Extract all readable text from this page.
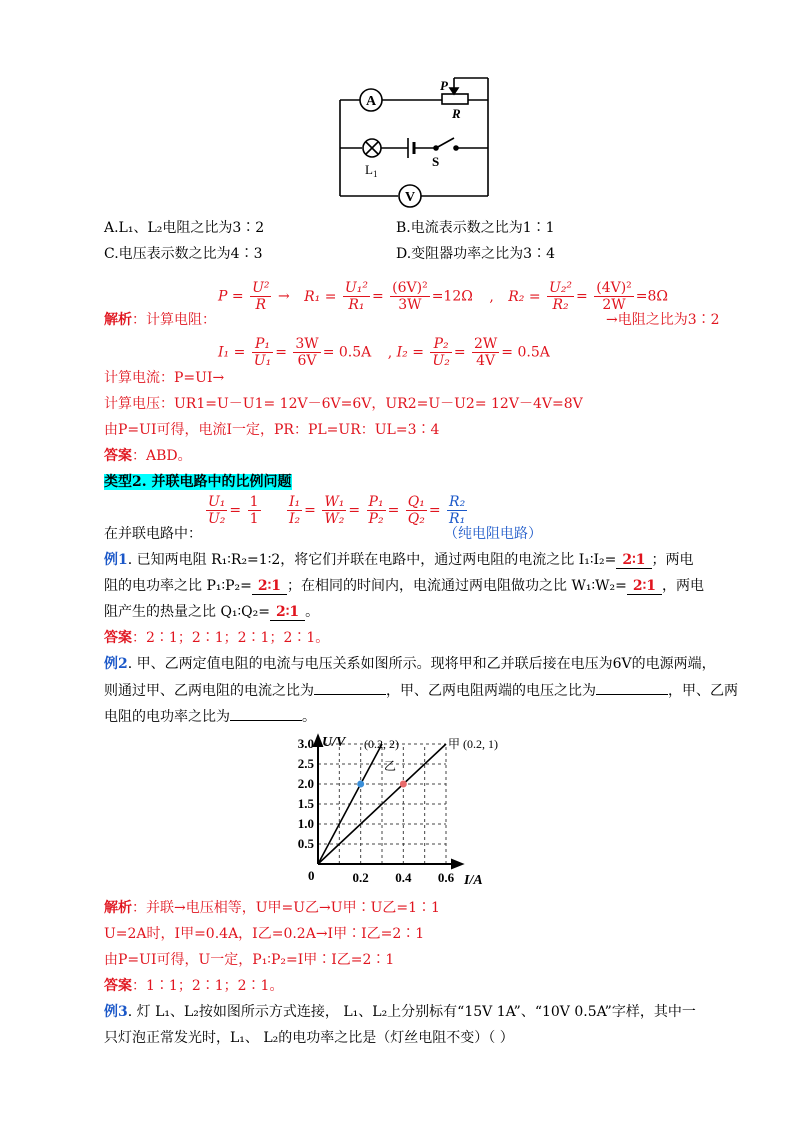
A
V
P
R
$L_1$
S
A.L₁、L₂电阻之比为3∶2	B.电流表示数之比为1∶1
C.电压表示数之比为4∶3	D.变阻器功率之比为3∶4
解析：计算电阻：
$P = \frac{\text{U²}}{R} \to R_1 = \frac{\text{U₁²}}{\text{R₁}} = \frac{\text{(6V)²}}{3W} =12\Omega$ , $R_2 = \frac{\text{U₂²}}{\text{R₂}} = \frac{\text{(4V)²}}{2W} =8\Omega$
→电阻之比为3∶2
$I_1 = \frac{\text{P₁}}{\text{U₁}} = \frac{3W}{6V} = 0.5A$ , $I_2 = \frac{\text{P₂}}{\text{U₂}} = \frac{2W}{4V} = 0.5A$
计算电流：P=UI→
计算电压：UR1=U－U1= 12V－6V=6V，UR2=U－U2= 12V－4V=8V
由P=UI可得，电流I一定，PR：PL=UR：UL=3∶4
答案：ABD。
类型2. 并联电路中的比例问题
在并联电路中：
$\frac{\text{U₁}}{\text{U₂}} = \frac{1}{1}$
$\frac{\text{I₁}}{\text{I₂}} = \frac{\text{W₁}}{\text{W₂}} = \frac{\text{P₁}}{\text{P₂}} = \frac{\text{Q₁}}{\text{Q₂}} = \frac{\text{R₂}}{\text{R₁}}$
（纯电阻电路）
例1. 已知两电阻 R₁∶R₂=1∶2，将它们并联在电路中，通过两电阻的电流之比 I₁∶I₂= 2∶1 ；两电
阻的电功率之比 P₁∶P₂= 2∶1 ；在相同的时间内，电流通过两电阻做功之比 W₁∶W₂= 2∶1 ，两电
阻产生的热量之比 Q₁∶Q₂= 2∶1 。
答案：2∶1；2∶1；2∶1；2∶1。
例2. 甲、乙两定值电阻的电流与电压关系如图所示。现将甲和乙并联后接在电压为6V的电源两端，
则通过甲、乙两电阻的电流之比为	，甲、乙两电阻两端的电压之比为	，甲、乙两
电阻的电功率之比为	。
0.5
1.0
1.5
2.0
2.5
3.0
0.2 0.4 0.6
U/V
I/A
0
(0.2, 2)	甲 (0.2, 1)
乙
解析：并联→电压相等，U甲=U乙→U甲∶U乙=1∶1
U=2A时，I甲=0.4A，I乙=0.2A→I甲∶I乙=2∶1
由P=UI可得，U一定，P₁∶P₂=I甲∶I乙=2∶1
答案：1∶1；2∶1；2∶1。
例3. 灯 L₁、L₂按如图所示方式连接， L₁、L₂上分别标有“15V 1A”、“10V 0.5A”字样，其中一
只灯泡正常发光时，L₁、 L₂的电功率之比是（灯丝电阻不变）（ ）
